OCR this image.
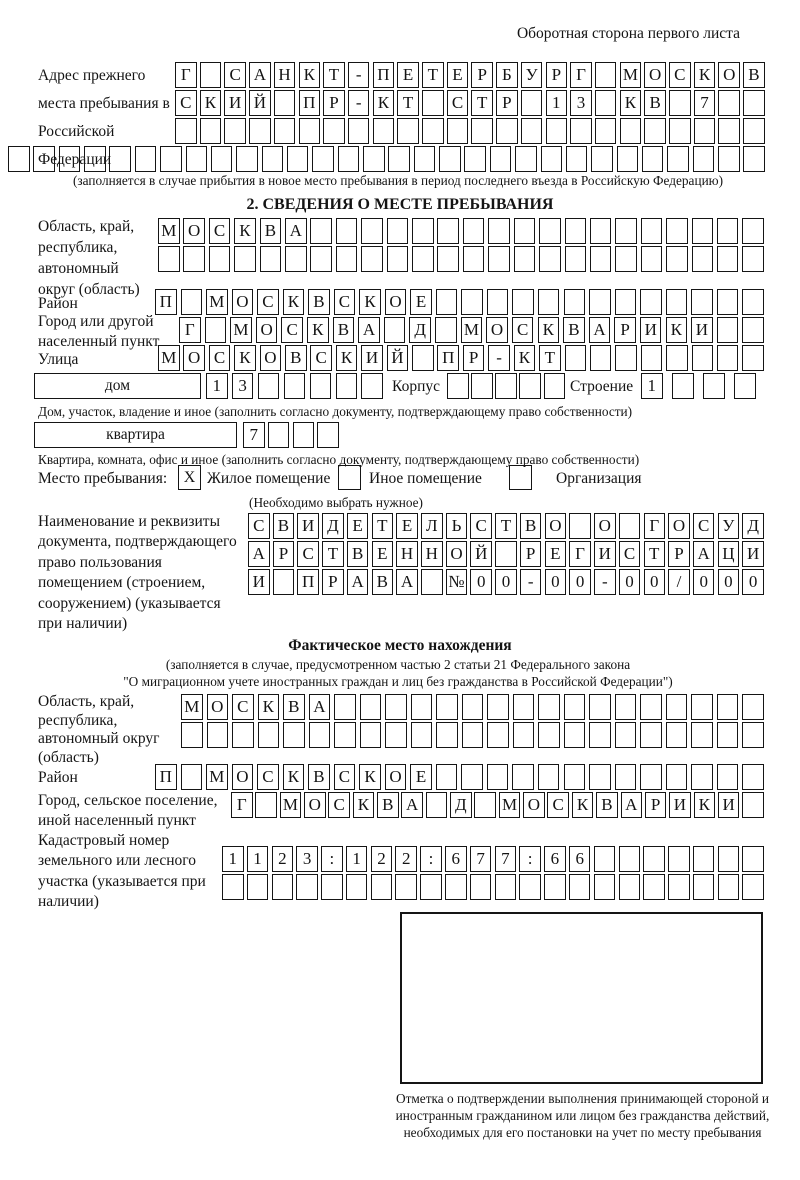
Оборотная сторона первого листа
Адрес прежнего места пребывания в Российской Федерации
Г	С А Н К Т - П Е Т Е Р Б У Р Г	М О С К О В
С К И Й П Р	- К Т	С Т Р	1 3	К В	7
(заполняется в случае прибытия в новое место пребывания в период последнего въезда в Российскую Федерацию)
2. СВЕДЕНИЯ О МЕСТЕ ПРЕБЫВАНИЯ
Область, край, республика, автономный округ (область)
М О С К В А
Район	П М О С К В С К О Е
Город или другой населенный пункт
Г	М О С К В А Д М О С К В А Р И К И
Улица	М О С К О В С К И Й П Р	- К Т
дом	1	3	Корпус	Строение 1
Дом, участок, владение и иное (заполнить согласно документу, подтверждающему право собственности)
квартира	7
Квартира, комната, офис и иное (заполнить согласно документу, подтверждающему право собственности)
Место пребывания:	X Жилое помещение Иное помещение	Организация
(Необходимо выбрать нужное)
Наименование и реквизиты документа, подтверждающего право пользования помещением (строением, сооружением) (указывается при наличии)
С В И Д Е Т Е Л Ь С Т В О О	Г О С У Д
А Р С Т В Е Н Н О Й	Р Е Г И С Т Р А Ц И
И П Р А В А № 0 0	-	0 0	-	0 0	/	0 0 0
Фактическое место нахождения
(заполняется в случае, предусмотренном частью 2 статьи 21 Федерального закона
"О миграционном учете иностранных граждан и лиц без гражданства в Российской Федерации")
Область, край, республика, автономный округ (область)
М О С К В А
Район	П М О С К В С К О Е
Город, сельское поселение, иной населенный пункт
Г	М О С К В А Д М О С К В А Р И К И
Кадастровый номер земельного или лесного участка (указывается при наличии)
1 1 2 3	:	1 2 2	:	6 7 7	:	6 6
Отметка о подтверждении выполнения принимающей стороной и иностранным гражданином или лицом без гражданства действий, необходимых для его постановки на учет по месту пребывания
